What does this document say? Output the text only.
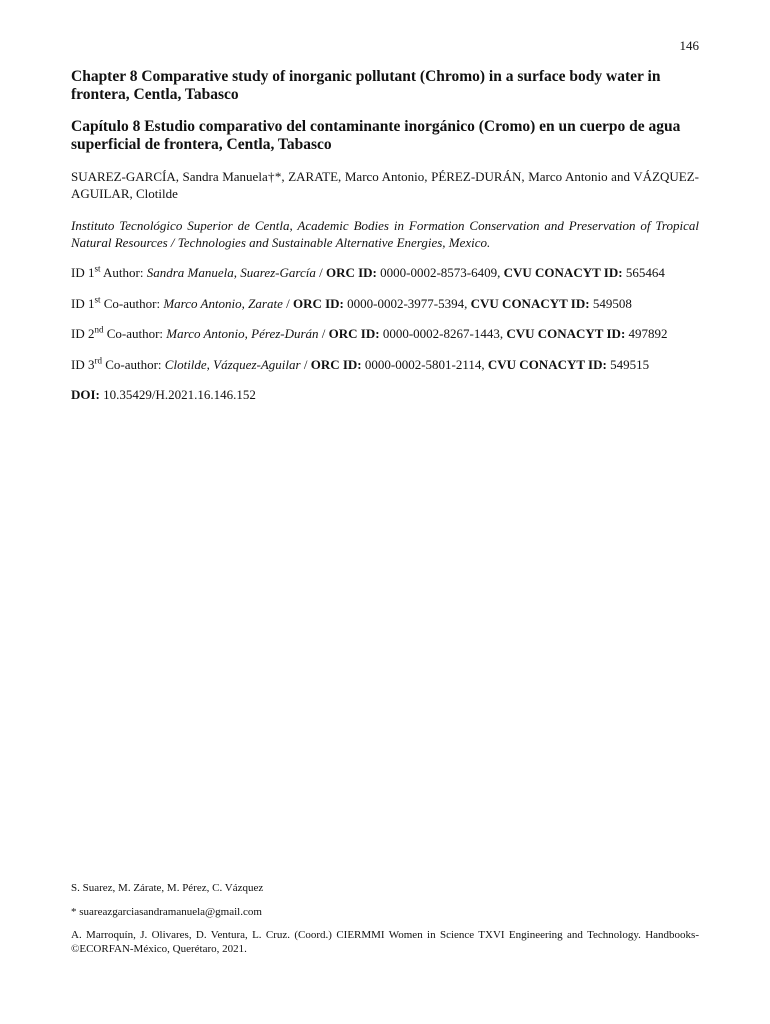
146

Chapter 8 Comparative study of inorganic pollutant (Chromo) in a surface body water in frontera, Centla, Tabasco

Capítulo 8 Estudio comparativo del contaminante inorgánico (Cromo) en un cuerpo de agua superficial de frontera, Centla, Tabasco

SUAREZ-GARCÍA, Sandra Manuela†*, ZARATE, Marco Antonio, PÉREZ-DURÁN, Marco Antonio and VÁZQUEZ-AGUILAR, Clotilde
Instituto Tecnológico Superior de Centla, Academic Bodies in Formation Conservation and Preservation of Tropical Natural Resources / Technologies and Sustainable Alternative Energies, Mexico.
ID 1st Author: Sandra Manuela, Suarez-García / ORC ID: 0000-0002-8573-6409, CVU CONACYT ID: 565464
ID 1st Co-author: Marco Antonio, Zarate / ORC ID: 0000-0002-3977-5394, CVU CONACYT ID: 549508
ID 2nd Co-author: Marco Antonio, Pérez-Durán / ORC ID: 0000-0002-8267-1443, CVU CONACYT ID: 497892
ID 3rd Co-author: Clotilde, Vázquez-Aguilar / ORC ID: 0000-0002-5801-2114, CVU CONACYT ID: 549515
DOI: 10.35429/H.2021.16.146.152

S. Suarez, M. Zárate, M. Pérez, C. Vázquez

* suareazgarciasandramanuela@gmail.com

A. Marroquín, J. Olivares, D. Ventura, L. Cruz. (Coord.) CIERMMI Women in Science TXVI Engineering and Technology. Handbooks-©ECORFAN-México, Querétaro, 2021.
